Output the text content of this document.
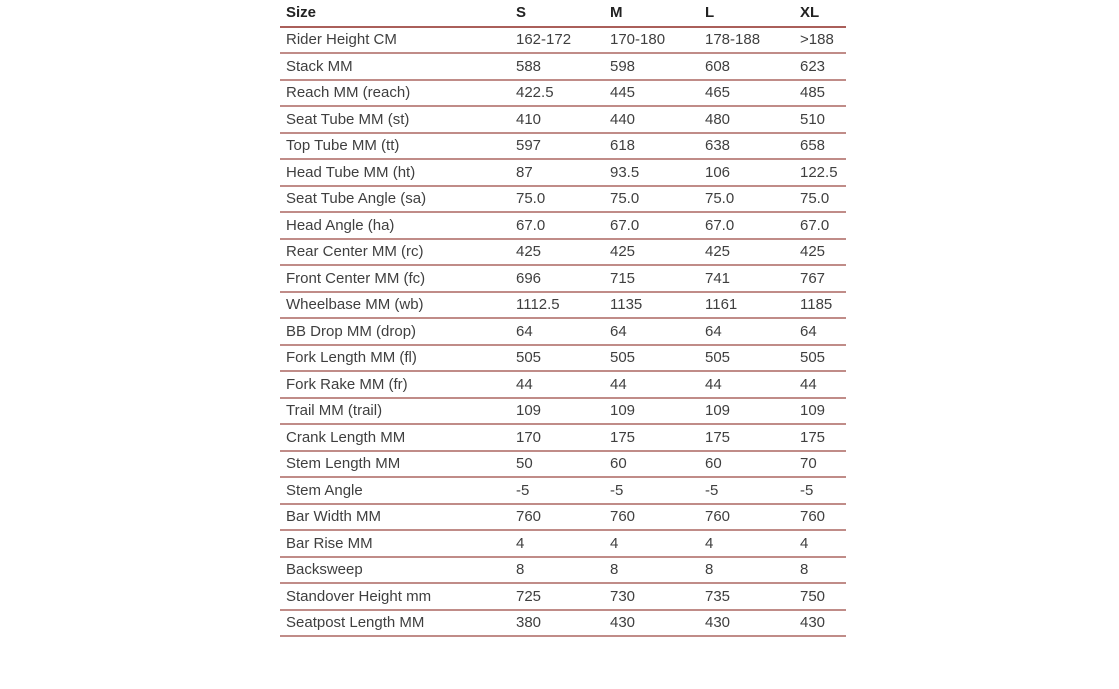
Size	S	M	L	XL
Rider Height CM	162-172	170-180	178-188	>188
Stack MM	588	598	608	623
Reach MM (reach)	422.5	445	465	485
Seat Tube MM (st)	410	440	480	510
Top Tube MM (tt)	597	618	638	658
Head Tube MM (ht)	87	93.5	106	122.5
Seat Tube Angle (sa)	75.0	75.0	75.0	75.0
Head Angle (ha)	67.0	67.0	67.0	67.0
Rear Center MM (rc)	425	425	425	425
Front Center MM (fc)	696	715	741	767
Wheelbase MM (wb)	1112.5	1135	1161	1185
BB Drop MM (drop)	64	64	64	64
Fork Length MM (fl)	505	505	505	505
Fork Rake MM (fr)	44	44	44	44
Trail MM (trail)	109	109	109	109
Crank Length MM	170	175	175	175
Stem Length MM	50	60	60	70
Stem Angle	-5	-5	-5	-5
Bar Width MM	760	760	760	760
Bar Rise MM	4	4	4	4
Backsweep	8	8	8	8
Standover Height mm	725	730	735	750
Seatpost Length MM	380	430	430	430
